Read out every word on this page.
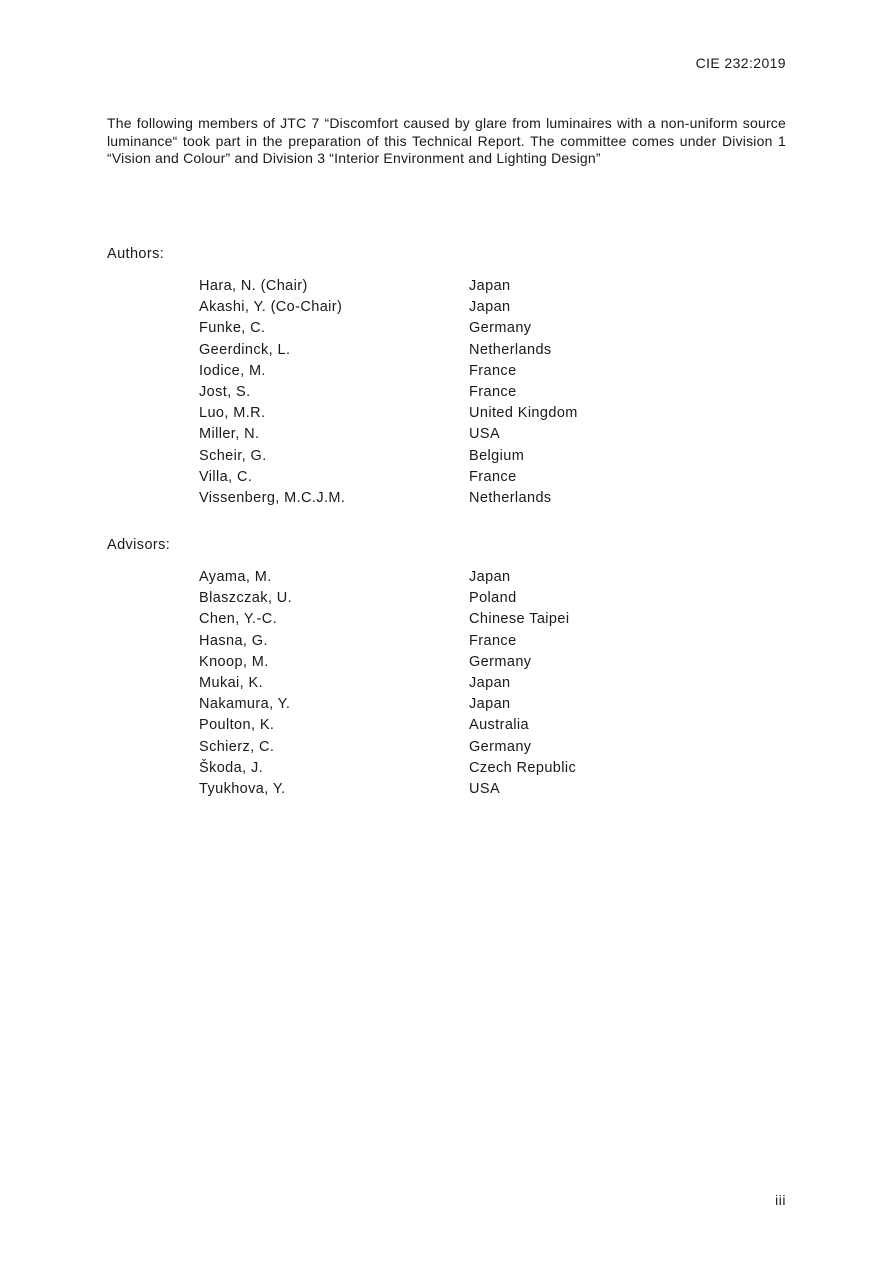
CIE 232:2019

The following members of JTC 7 “Discomfort caused by glare from luminaires with a non-uniform source luminance“ took part in the preparation of this Technical Report. The committee comes under Division 1 “Vision and Colour” and Division 3 “Interior Environment and Lighting Design”

Authors:
Hara, N. (Chair)	Japan
Akashi, Y. (Co-Chair)	Japan
Funke, C.	Germany
Geerdinck, L.	Netherlands
Iodice, M.	France
Jost, S.	France
Luo, M.R.	United Kingdom
Miller, N.	USA
Scheir, G.	Belgium
Villa, C.	France
Vissenberg, M.C.J.M.	Netherlands
Advisors:
Ayama, M.	Japan
Blaszczak, U.	Poland
Chen, Y.-C.	Chinese Taipei
Hasna, G.	France
Knoop, M.	Germany
Mukai, K.	Japan
Nakamura, Y.	Japan
Poulton, K.	Australia
Schierz, C.	Germany
Škoda, J.	Czech Republic
Tyukhova, Y.	USA
iii
